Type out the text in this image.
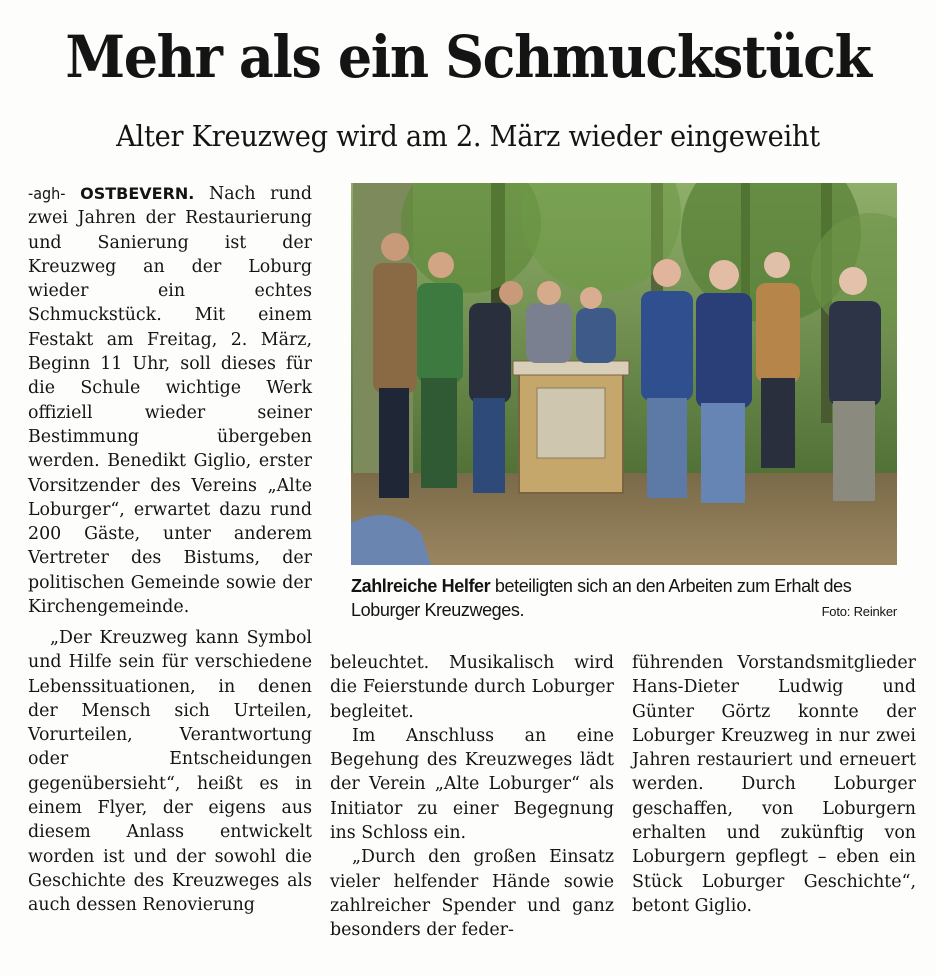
Mehr als ein Schmuckstück
Alter Kreuzweg wird am 2. März wieder eingeweiht

-agh- OSTBEVERN. Nach rund zwei Jahren der Restaurierung und Sanierung ist der Kreuzweg an der Loburg wieder ein echtes Schmuckstück. Mit einem Festakt am Freitag, 2. März, Beginn 11 Uhr, soll dieses für die Schule wichtige Werk offiziell wieder seiner Bestimmung übergeben werden. Benedikt Giglio, erster Vorsitzender des Vereins „Alte Loburger“, erwartet dazu rund 200 Gäste, unter anderem Vertreter des Bistums, der politischen Gemeinde sowie der Kirchengemeinde.

„Der Kreuzweg kann Symbol und Hilfe sein für verschiedene Lebenssituationen, in denen der Mensch sich Urteilen, Vorurteilen, Verantwortung oder Entscheidungen gegenübersieht“, heißt es in einem Flyer, der eigens aus diesem Anlass entwickelt worden ist und der sowohl die Geschichte des Kreuzweges als auch dessen Renovierung

beleuchtet. Musikalisch wird die Feierstunde durch Loburger begleitet.

Im Anschluss an eine Begehung des Kreuzweges lädt der Verein „Alte Loburger“ als Initiator zu einer Begegnung ins Schloss ein.

„Durch den großen Einsatz vieler helfender Hände sowie zahlreicher Spender und ganz besonders der feder-

führenden Vorstandsmitglieder Hans-Dieter Ludwig und Günter Görtz konnte der Loburger Kreuzweg in nur zwei Jahren restauriert und erneuert werden. Durch Loburger geschaffen, von Loburgern erhalten und zukünftig von Loburgern gepflegt – eben ein Stück Loburger Geschichte“, betont Giglio.

Zahlreiche Helfer beteiligten sich an den Arbeiten zum Erhalt des Loburger Kreuzweges.	Foto: Reinker
